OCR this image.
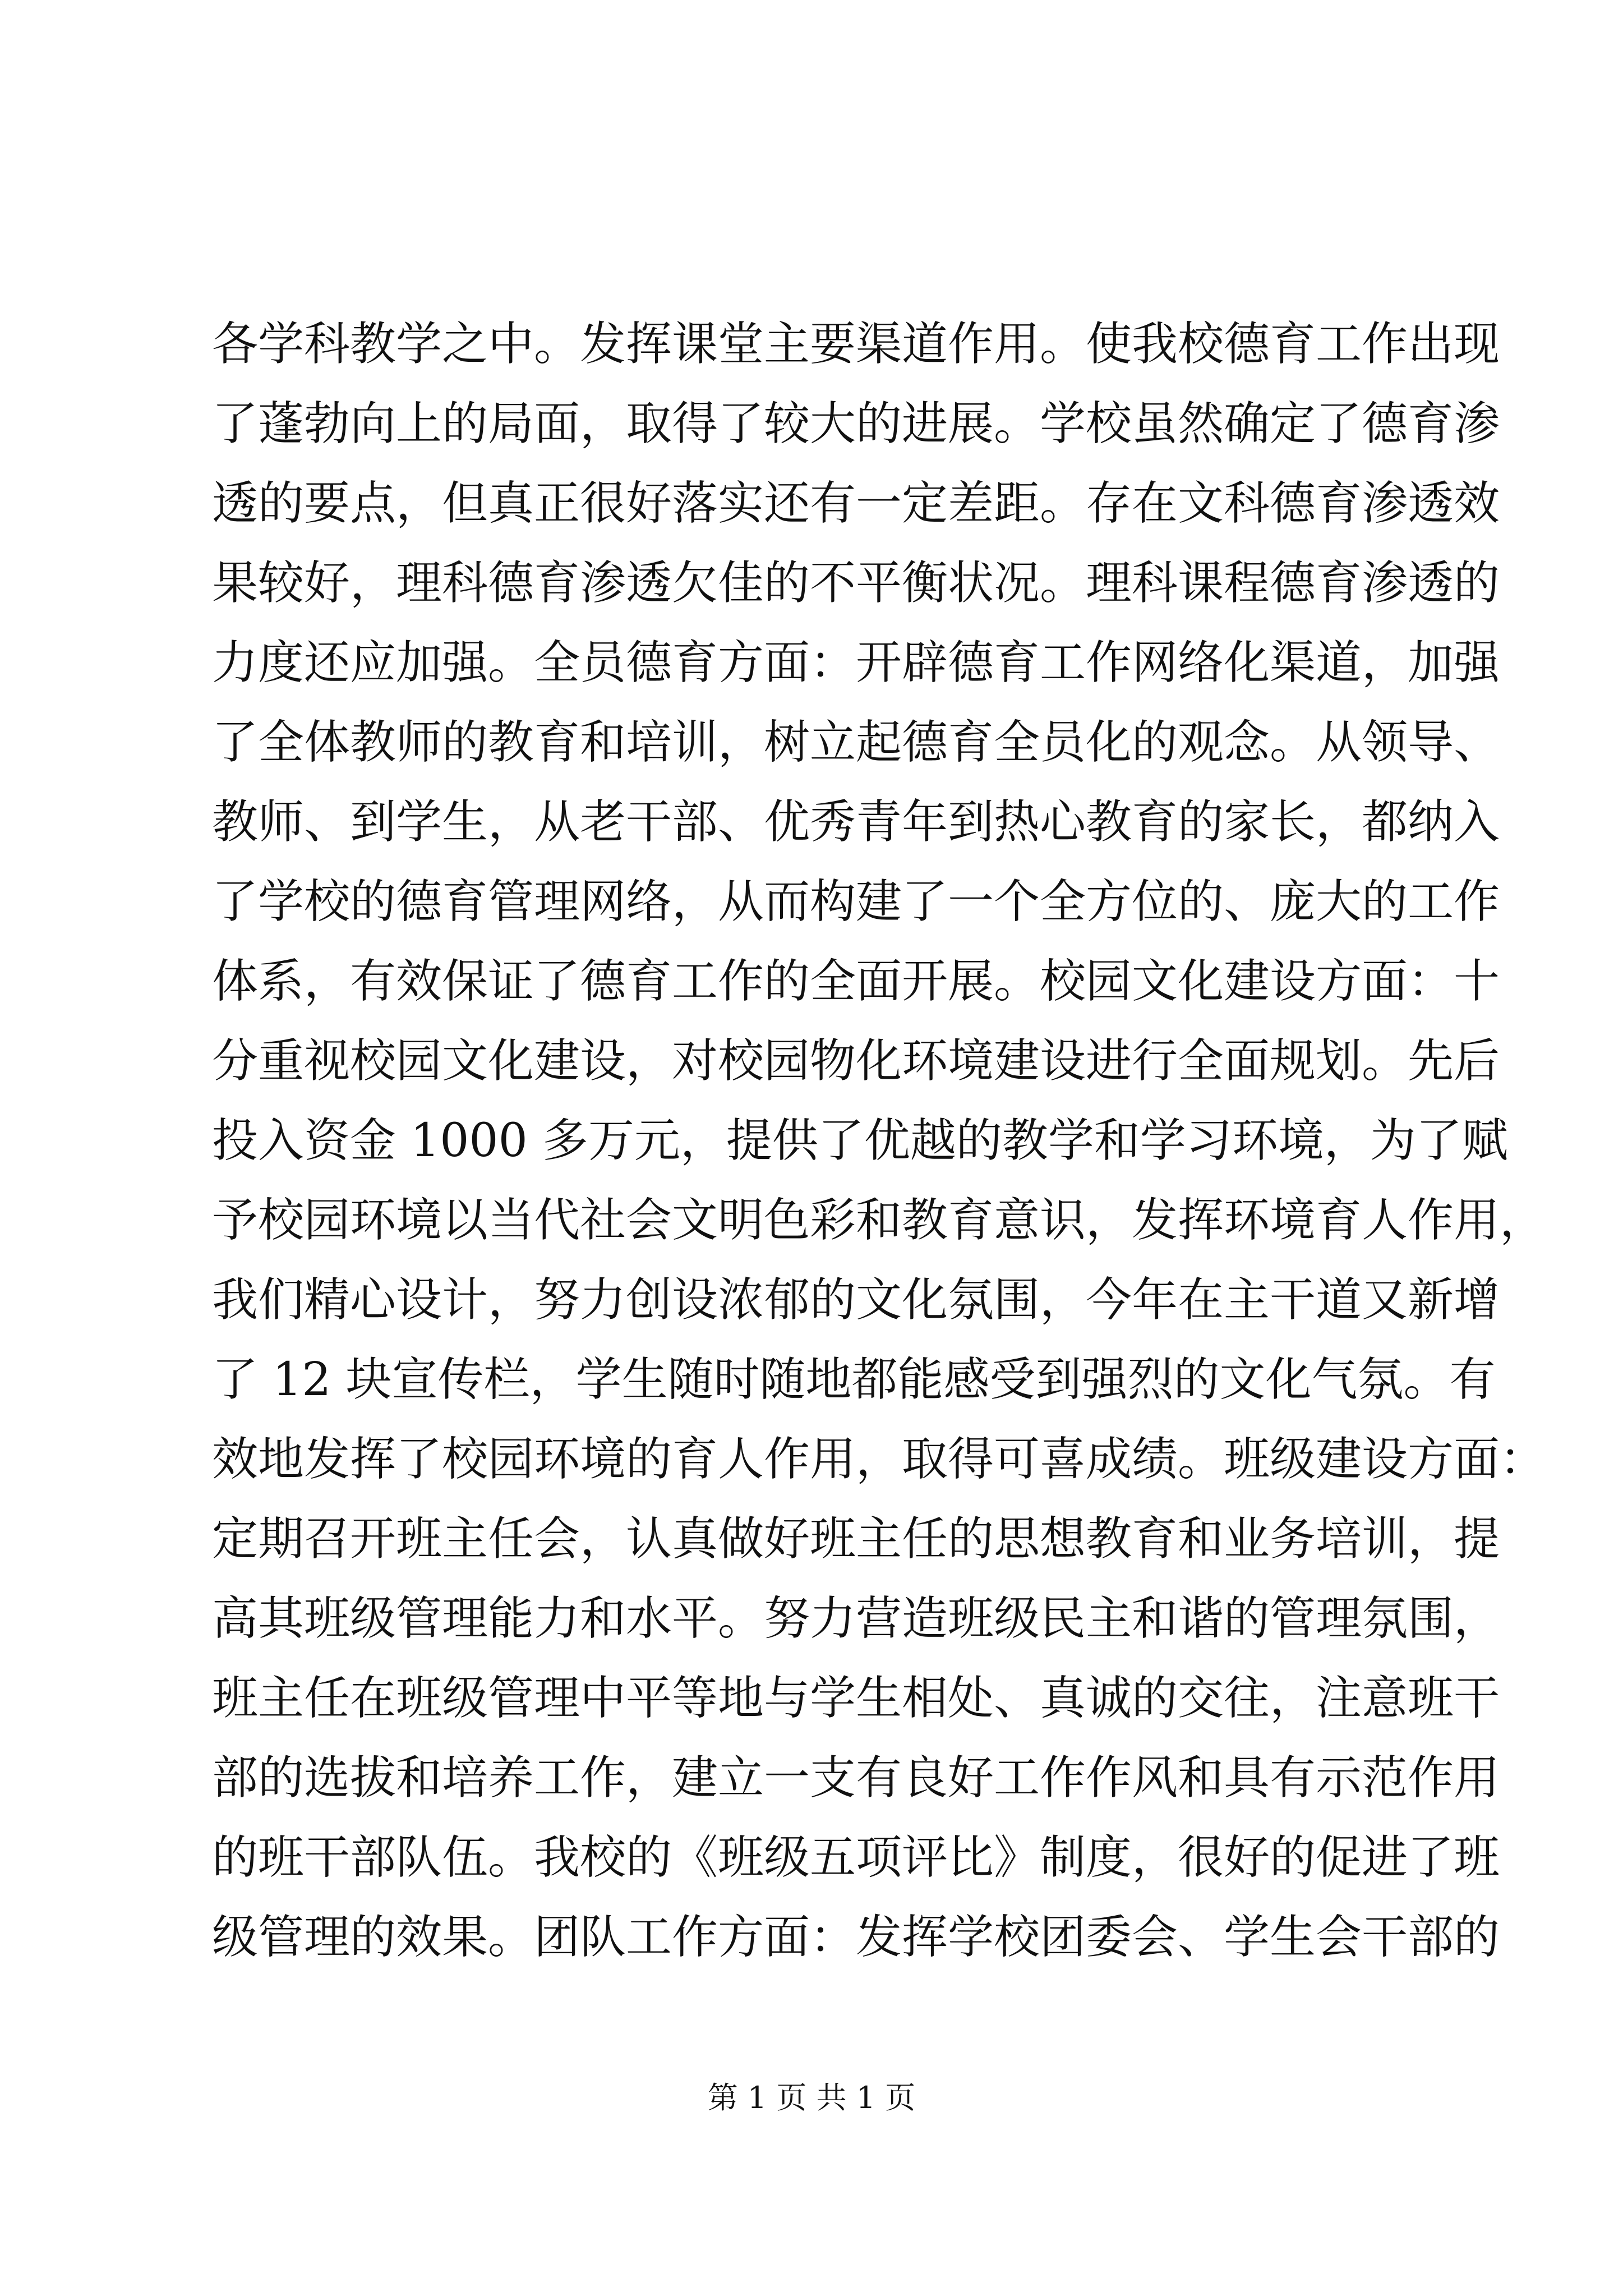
各学科教学之中。发挥课堂主要渠道作用。使我校德育工作出现
了蓬勃向上的局面，取得了较大的进展。学校虽然确定了德育渗
透的要点，但真正很好落实还有一定差距。存在文科德育渗透效
果较好，理科德育渗透欠佳的不平衡状况。理科课程德育渗透的
力度还应加强。全员德育方面：开辟德育工作网络化渠道，加强
了全体教师的教育和培训，树立起德育全员化的观念。从领导、
教师、到学生，从老干部、优秀青年到热心教育的家长，都纳入
了学校的德育管理网络，从而构建了一个全方位的、庞大的工作
体系，有效保证了德育工作的全面开展。校园文化建设方面：十
分重视校园文化建设，对校园物化环境建设进行全面规划。先后
投入资金 1000 多万元，提供了优越的教学和学习环境，为了赋
予校园环境以当代社会文明色彩和教育意识，发挥环境育人作用，
我们精心设计，努力创设浓郁的文化氛围，今年在主干道又新增
了 12 块宣传栏，学生随时随地都能感受到强烈的文化气氛。有
效地发挥了校园环境的育人作用，取得可喜成绩。班级建设方面：
定期召开班主任会，认真做好班主任的思想教育和业务培训，提
高其班级管理能力和水平。努力营造班级民主和谐的管理氛围，
班主任在班级管理中平等地与学生相处、真诚的交往，注意班干
部的选拔和培养工作，建立一支有良好工作作风和具有示范作用
的班干部队伍。我校的《班级五项评比》制度，很好的促进了班
级管理的效果。团队工作方面：发挥学校团委会、学生会干部的
第 1 页 共 1 页
